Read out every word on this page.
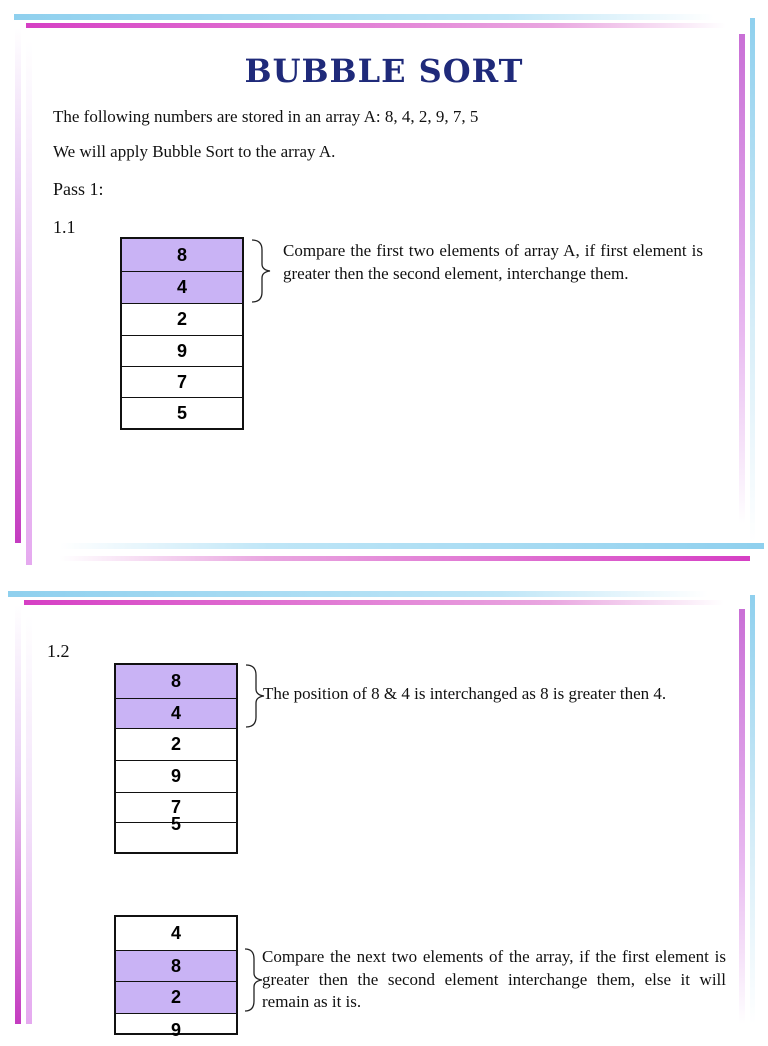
BUBBLE SORT
The following numbers are stored in an array A: 8, 4, 2, 9, 7, 5
We will apply Bubble Sort to the array A.
Pass 1:
1.1
8
4
2
9
7
5
Compare the first two elements of array A, if first element is greater then the second element, interchange them.
1.2
8
4
2
9
7
5
The position of 8 & 4 is interchanged as 8 is greater then 4.
4
8
2
9
Compare the next two elements of the array, if the first element is greater then the second element interchange them, else it will remain as it is.
